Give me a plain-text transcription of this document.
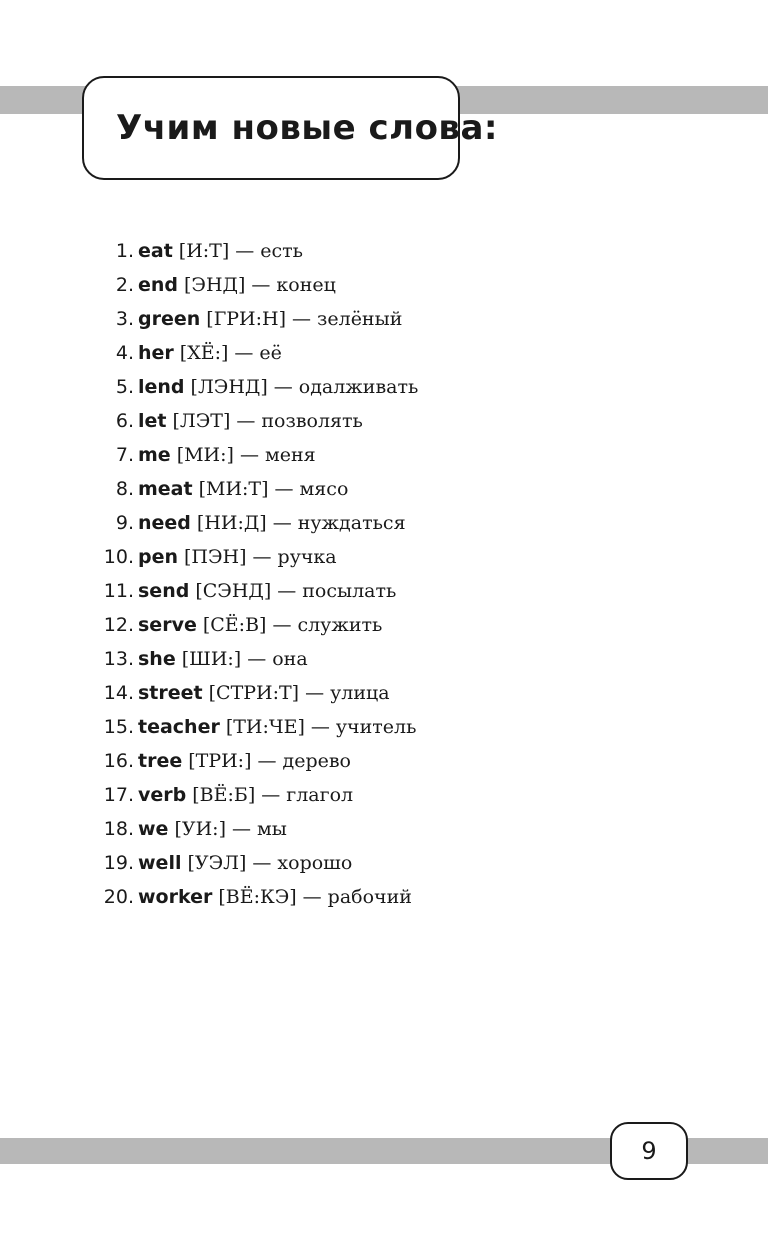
Учим новые слова:
1. eat [И:Т] — есть
2. end [ЭНД] — конец
3. green [ГРИ:Н] — зелёный
4. her [ХЁ:] — её
5. lend [ЛЭНД] — одалживать
6. let [ЛЭТ] — позволять
7. me [МИ:] — меня
8. meat [МИ:Т] — мясо
9. need [НИ:Д] — нуждаться
10. pen [ПЭН] — ручка
11. send [СЭНД] — посылать
12. serve [СЁ:В] — служить
13. she [ШИ:] — она
14. street [СТРИ:Т] — улица
15. teacher [ТИ:ЧЕ] — учитель
16. tree [ТРИ:] — дерево
17. verb [ВЁ:Б] — глагол
18. we [УИ:] — мы
19. well [УЭЛ] — хорошо
20. worker [ВЁ:КЭ] — рабочий
9
